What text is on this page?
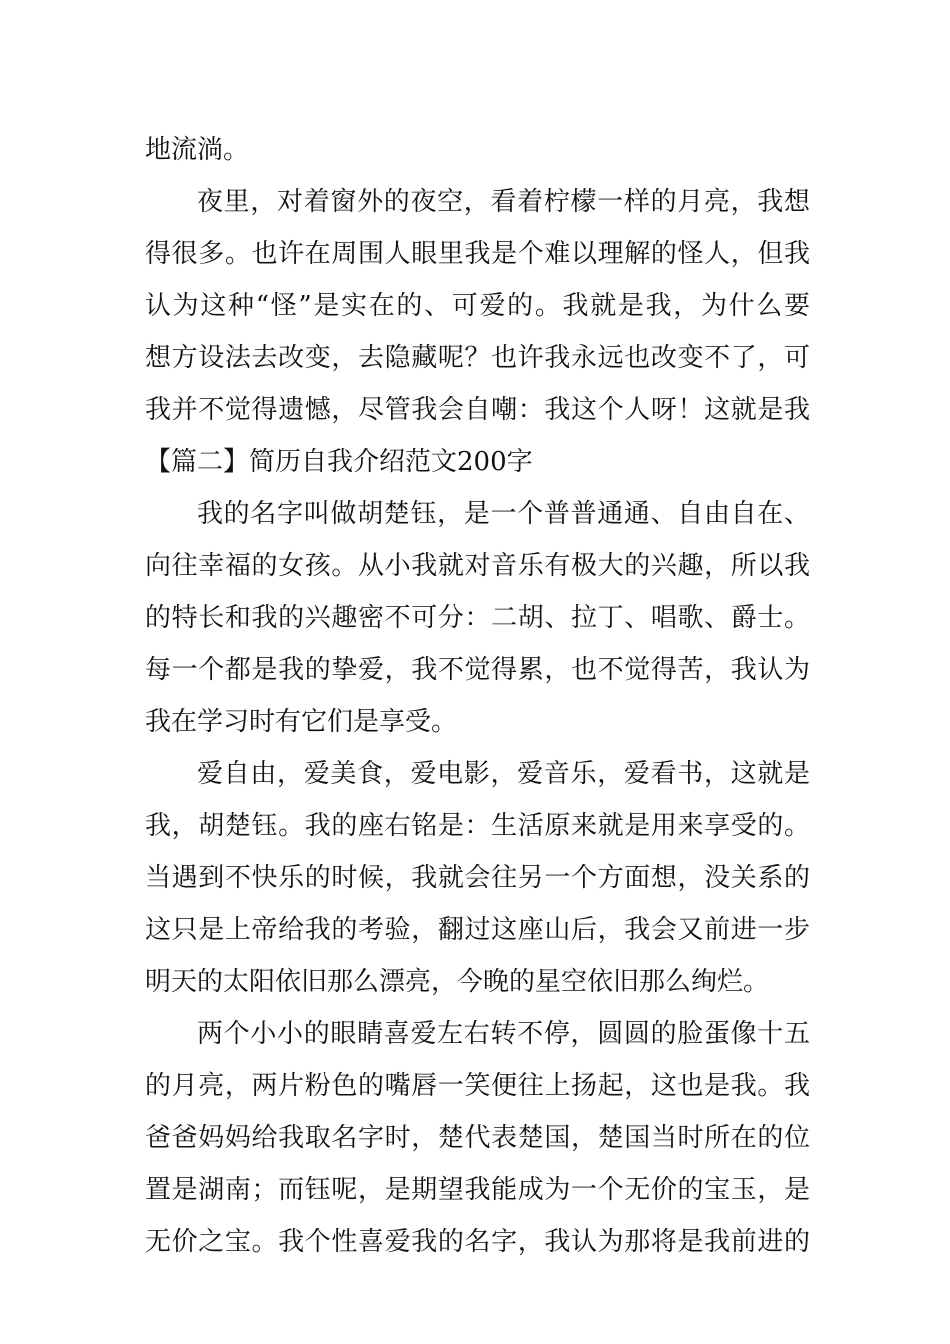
地流淌。
夜里，对着窗外的夜空，看着柠檬一样的月亮，我想
得很多。也许在周围人眼里我是个难以理解的怪人，但我
认为这种“怪”是实在的、可爱的。我就是我，为什么要
想方设法去改变，去隐藏呢？也许我永远也改变不了，可
我并不觉得遗憾，尽管我会自嘲：我这个人呀！这就是我
【篇二】简历自我介绍范文200字
我的名字叫做胡楚钰，是一个普普通通、自由自在、
向往幸福的女孩。从小我就对音乐有极大的兴趣，所以我
的特长和我的兴趣密不可分：二胡、拉丁、唱歌、爵士。
每一个都是我的挚爱，我不觉得累，也不觉得苦，我认为
我在学习时有它们是享受。
爱自由，爱美食，爱电影，爱音乐，爱看书，这就是
我，胡楚钰。我的座右铭是：生活原来就是用来享受的。
当遇到不快乐的时候，我就会往另一个方面想，没关系的
这只是上帝给我的考验，翻过这座山后，我会又前进一步
明天的太阳依旧那么漂亮，今晚的星空依旧那么绚烂。
两个小小的眼睛喜爱左右转不停，圆圆的脸蛋像十五
的月亮，两片粉色的嘴唇一笑便往上扬起，这也是我。我
爸爸妈妈给我取名字时，楚代表楚国，楚国当时所在的位
置是湖南；而钰呢，是期望我能成为一个无价的宝玉，是
无价之宝。我个性喜爱我的名字，我认为那将是我前进的
